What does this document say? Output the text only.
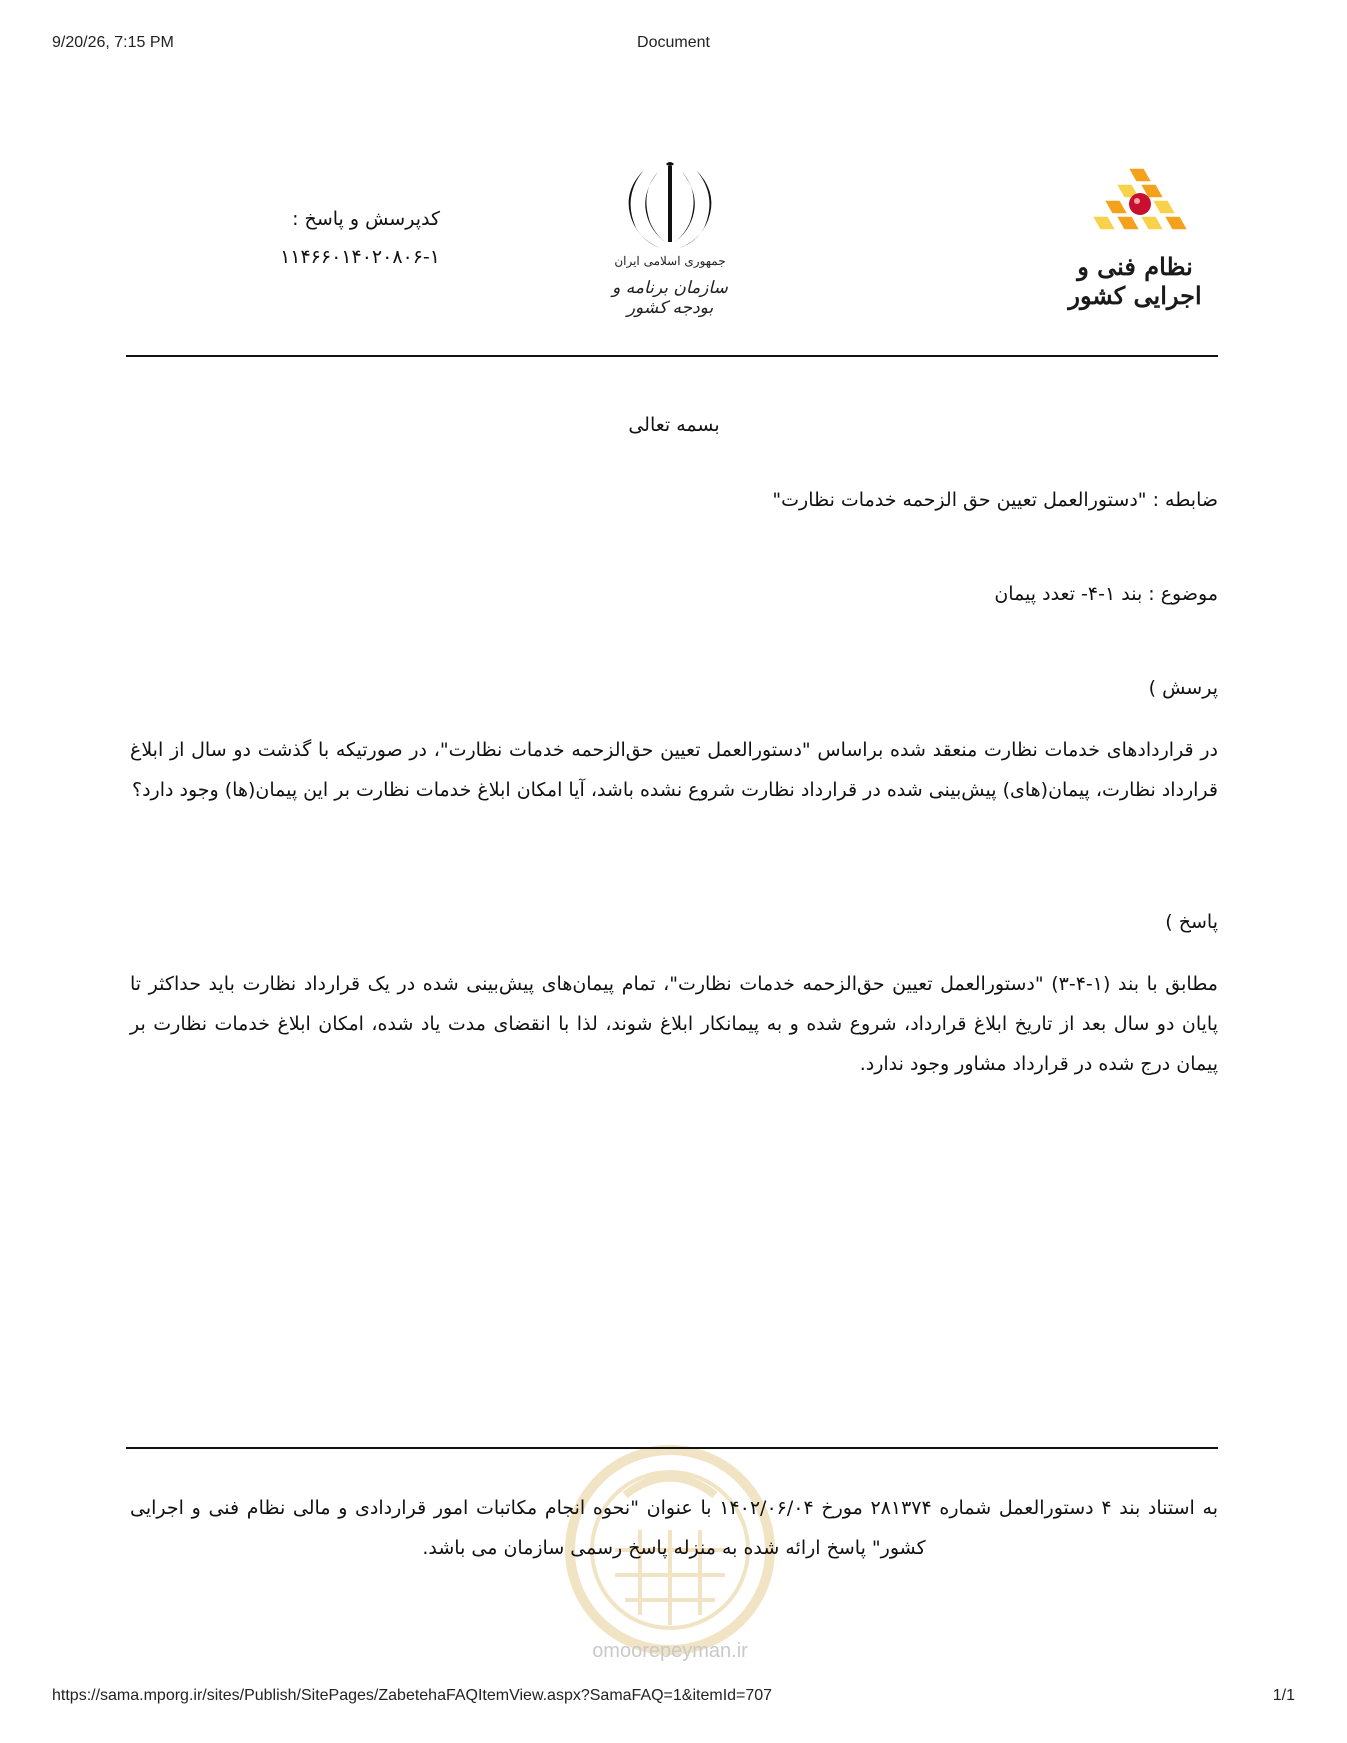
9/20/26, 7:15 PM	Document
نظام فنی و اجرایی کشور
جمهوری اسلامی ایران
سازمان برنامه و بودجه کشور
کدپرسش و پاسخ :
۱۱۴۶۶۰۱۴۰۲۰۸۰۶-۱
بسمه تعالی
ضابطه : "دستورالعمل تعیین حق الزحمه خدمات نظارت"
موضوع : بند ۱-۴- تعدد پیمان
پرسش )
در قراردادهای خدمات نظارت منعقد شده براساس "دستورالعمل تعیین حق‌الزحمه خدمات نظارت"، در صورتیکه با گذشت دو سال از ابلاغ قرارداد نظارت، پیمان(های) پیش‌بینی شده در قرارداد نظارت شروع نشده باشد، آیا امکان ابلاغ خدمات نظارت بر این پیمان(ها) وجود دارد؟
پاسخ )
مطابق با بند (۱-۴-۳) "دستورالعمل تعیین حق‌الزحمه خدمات نظارت"، تمام پیمان‌های پیش‌بینی شده در یک قرارداد نظارت باید حداکثر تا پایان دو سال بعد از تاریخ ابلاغ قرارداد، شروع شده و به پیمانکار ابلاغ شوند، لذا با انقضای مدت یاد شده، امکان ابلاغ خدمات نظارت بر پیمان درج شده در قرارداد مشاور وجود ندارد.
omoorepeyman.ir
به استناد بند ۴ دستورالعمل شماره ۲۸۱۳۷۴ مورخ ۱۴۰۲/۰۶/۰۴ با عنوان "نحوه انجام مکاتبات امور قراردادی و مالی نظام فنی و اجرایی کشور" پاسخ ارائه شده به منزله پاسخ رسمی سازمان می باشد.
https://sama.mporg.ir/sites/Publish/SitePages/ZabetehaFAQItemView.aspx?SamaFAQ=1&itemId=707	1/1
